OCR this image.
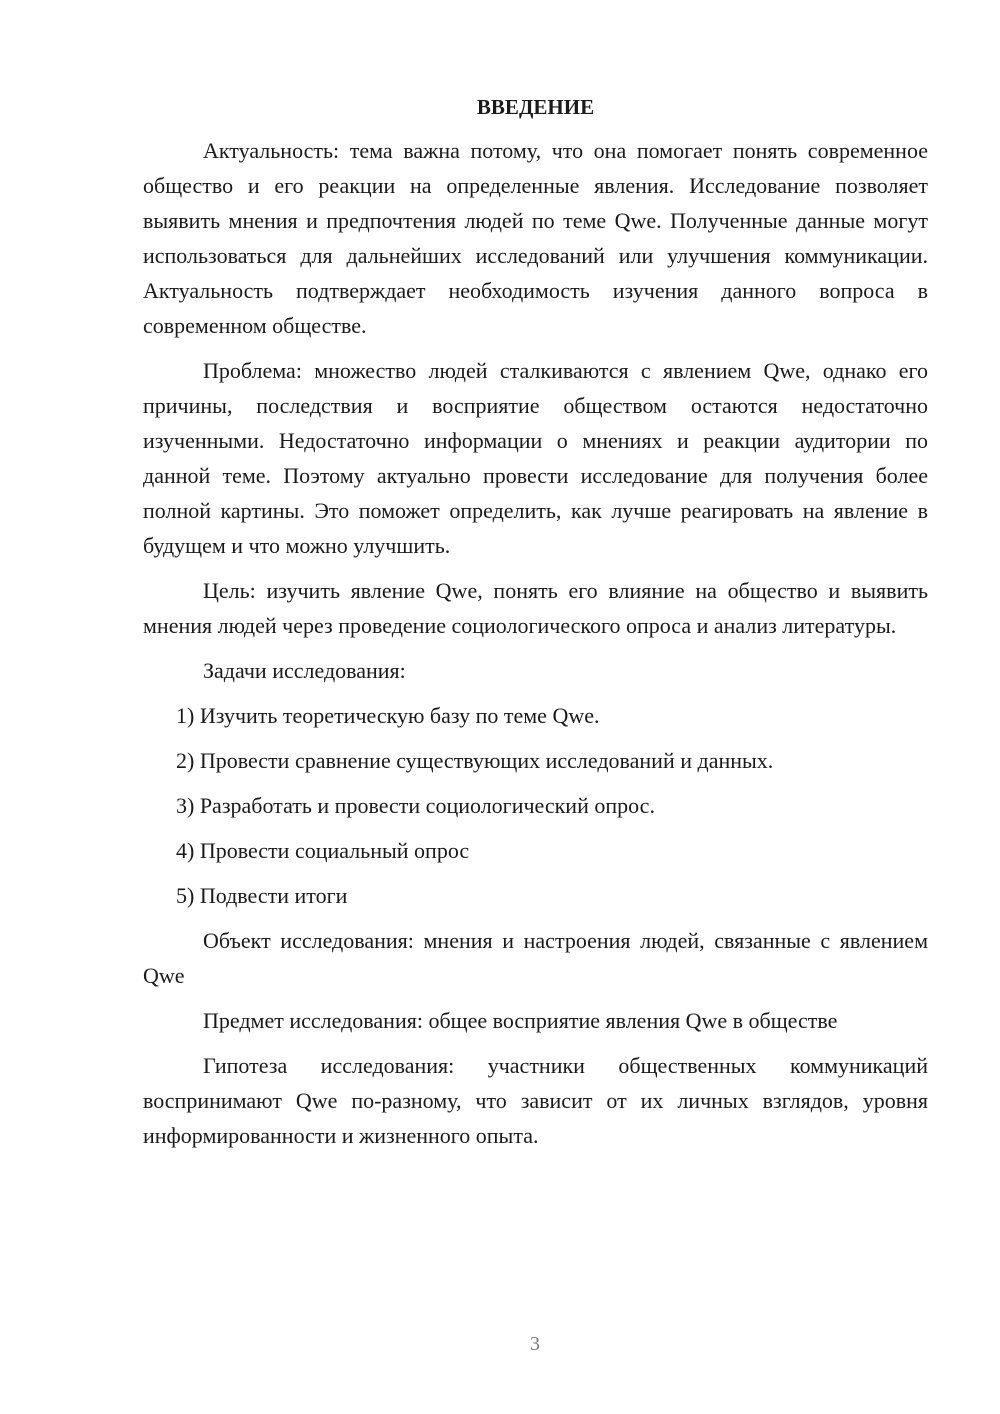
ВВЕДЕНИЕ

Актуальность: тема важна потому, что она помогает понять современное общество и его реакции на определенные явления. Исследование позволяет выявить мнения и предпочтения людей по теме Qwe. Полученные данные могут использоваться для дальнейших исследований или улучшения коммуникации. Актуальность подтверждает необходимость изучения данного вопроса в современном обществе.

Проблема: множество людей сталкиваются с явлением Qwe, однако его причины, последствия и восприятие обществом остаются недостаточно изученными. Недостаточно информации о мнениях и реакции аудитории по данной теме. Поэтому актуально провести исследование для получения более полной картины. Это поможет определить, как лучше реагировать на явление в будущем и что можно улучшить.

Цель: изучить явление Qwe, понять его влияние на общество и выявить мнения людей через проведение социологического опроса и анализ литературы.

Задачи исследования:

1) Изучить теоретическую базу по теме Qwe.

2) Провести сравнение существующих исследований и данных.

3) Разработать и провести социологический опрос.

4) Провести социальный опрос

5) Подвести итоги

Объект исследования: мнения и настроения людей, связанные с явлением Qwe

Предмет исследования: общее восприятие явления Qwe в обществе

Гипотеза исследования: участники общественных коммуникаций воспринимают Qwe по-разному, что зависит от их личных взглядов, уровня информированности и жизненного опыта.

3
